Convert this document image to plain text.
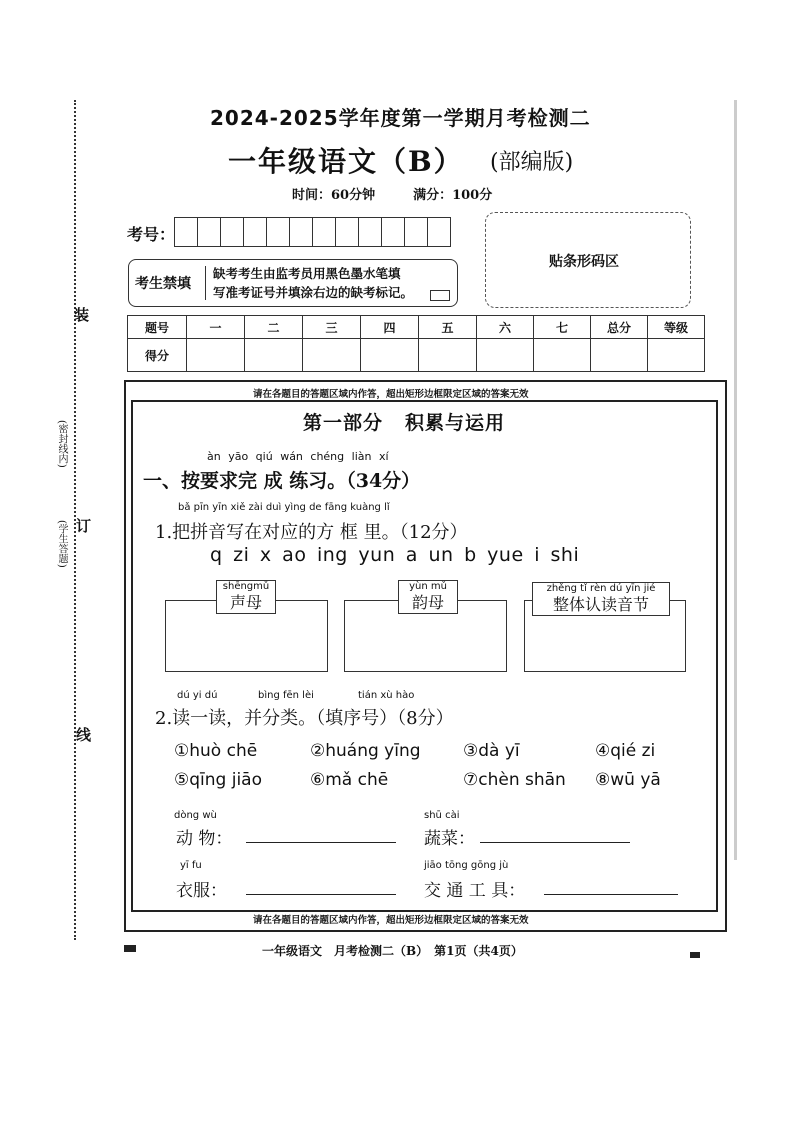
装
订
线
(密封线内)
(学生答题)
2024-2025学年度第一学期月考检测二
一年级语文（B） (部编版)
时间：60分钟	满分：100分
考号：
考生禁填
缺考考生由监考员用黑色墨水笔填
写准考证号并填涂右边的缺考标记。
贴条形码区
题号	一	二	三	四	五	六	七	总分	等级
得分									
请在各题目的答题区域内作答，超出矩形边框限定区域的答案无效
请在各题目的答题区域内作答，超出矩形边框限定区域的答案无效
第一部分 积累与运用
àn yāo qiú wán chéng liàn xí
一、按要求完 成 练习。（34分）
bǎ pīn yīn xiě zài duì yìng de fāng kuàng lǐ
1.把拼音写在对应的方 框 里。（12分）
q zi x ao ing yun a un b yue i shi
shēngmǔ
声母
yùn mǔ
韵母
zhěng tǐ rèn dú yīn jié
整体认读音节
dú yi dú	bìng fēn lèi	tián xù hào
2.读一读，并分类。（填序号）（8分）
①huò chē	②huáng yīng ③dà yī	④qié zi
⑤qīng jiāo	⑥mǎ chē	⑦chèn shān ⑧wū yā
dòng wù
动 物：
shū cài
蔬菜：
yī fu
衣服：
jiāo tōng gōng jù
交 通 工 具：
一年级语文　月考检测二（B）　第1页（共4页）
